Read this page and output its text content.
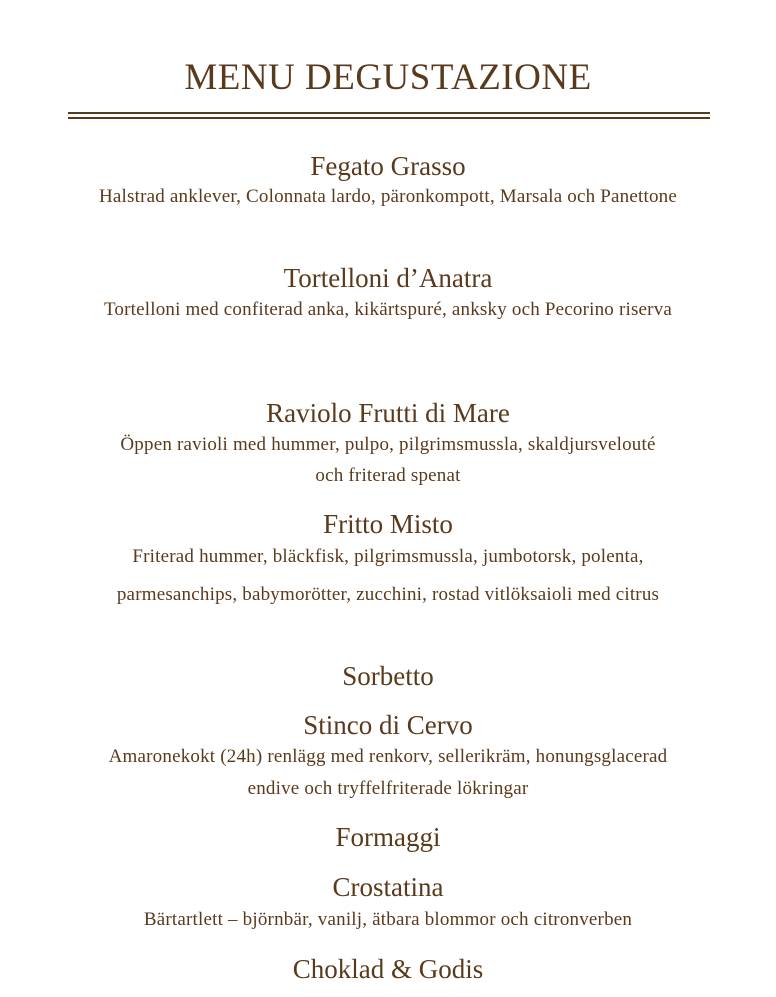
MENU DEGUSTAZIONE

Fegato Grasso

Halstrad anklever, Colonnata lardo, päronkompott, Marsala och Panettone

Tortelloni d’Anatra

Tortelloni med confiterad anka, kikärtspuré, anksky och Pecorino riserva

Raviolo Frutti di Mare

Öppen ravioli med hummer, pulpo, pilgrimsmussla, skaldjursvelouté och friterad spenat

Fritto Misto

Friterad hummer, bläckfisk, pilgrimsmussla, jumbotorsk, polenta, parmesanchips, babymorötter, zucchini, rostad vitlöksaioli med citrus

Sorbetto

Stinco di Cervo

Amaronekokt (24h) renlägg med renkorv, sellerikräm, honungsglacerad endive och tryffelfriterade lökringar

Formaggi

Crostatina

Bärtartlett – björnbär, vanilj, ätbara blommor och citronverben

Choklad & Godis
